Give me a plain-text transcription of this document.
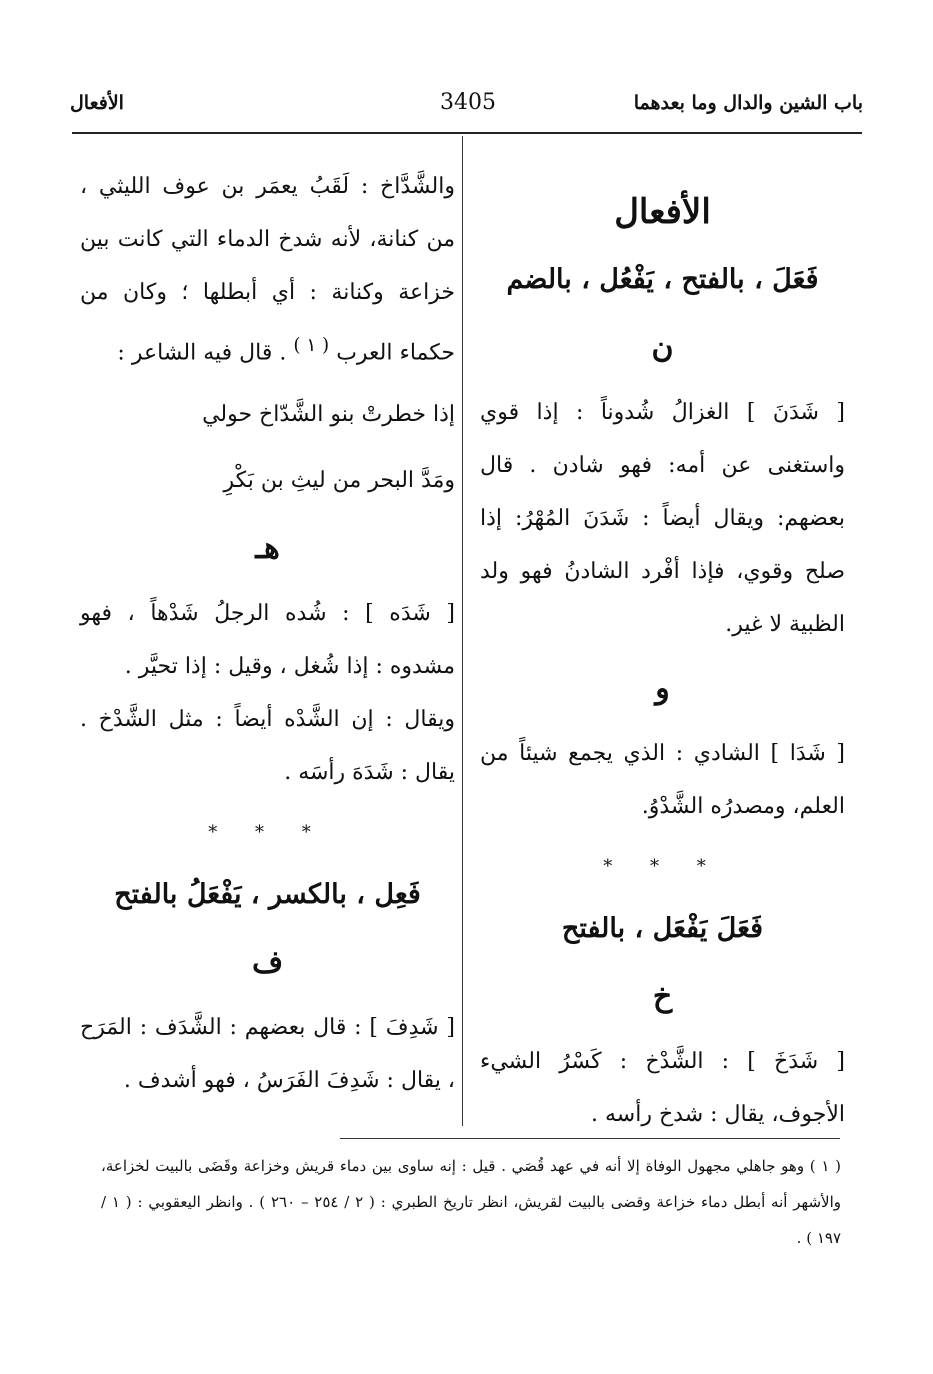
باب الشين والدال وما بعدهما
3405
الأفعال
الأفعال
فَعَلَ ، بالفتح ، يَفْعُل ، بالضم
ن

[ شَدَنَ ] الغزالُ شُدوناً : إذا قوي واستغنى عن أمه: فهو شادن . قال بعضهم: ويقال أيضاً : شَدَنَ المُهْرُ: إذا صلح وقوي، فإذا أفْرد الشادنُ فهو ولد الظبية لا غير.

و

[ شَدَا ] الشادي : الذي يجمع شيئاً من العلم، ومصدرُه الشَّدْوُ.

* * *
فَعَلَ يَفْعَل ، بالفتح
خ

[ شَدَخَ ] : الشَّدْخ : كَسْرُ الشيء الأجوف، يقال : شدخ رأسه .

والشَّدَّاخ : لَقَبُ يعمَر بن عوف الليثي ، من كنانة، لأنه شدخ الدماء التي كانت بين خزاعة وكنانة : أي أبطلها ؛ وكان من حكماء العرب $^{( ١ )}$ . قال فيه الشاعر :

إذا خطرتْ بنو الشَّدّاخ حولي

ومَدَّ البحر من ليثِ بن بَكْرِ

هـ

[ شَدَه ] : شُده الرجلُ شَدْهاً ، فهو مشدوه : إذا شُغل ، وقيل : إذا تحيَّر .

ويقال : إن الشَّدْه أيضاً : مثل الشَّدْخ . يقال : شَدَهَ رأسَه .

* * *
فَعِل ، بالكسر ، يَفْعَلُ بالفتح
ف

[ شَدِفَ ] : قال بعضهم : الشَّدَف : المَرَح ، يقال : شَدِفَ الفَرَسُ ، فهو أشدف .

( ١ ) وهو جاهلي مجهول الوفاة إلا أنه في عهد قُصَي . قيل : إنه ساوى بين دماء قريش وخزاعة وقَضَى بالبيت لخزاعة، والأشهر أنه أبطل دماء خزاعة وقضى بالبيت لقريش، انظر تاريخ الطبري : ( ٢ / ٢٥٤ – ٢٦٠ ) . وانظر اليعقوبي : ( ١ / ١٩٧ ) .
